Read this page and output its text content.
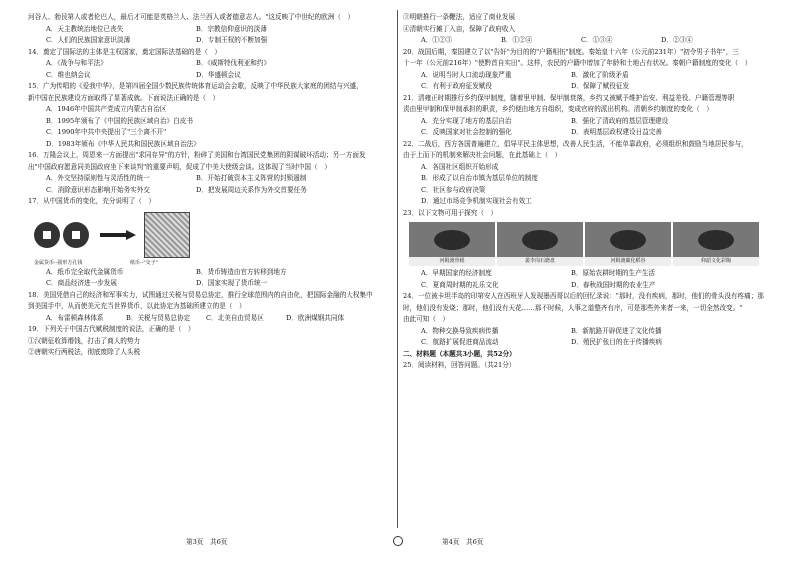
河谷人、勃艮第人或者伦巴人，最后才可能是英格兰人、法兰西人或者德意志人。"这反映了中世纪的欧洲（　）
A．天主教统治地位已丧失	B．宗教信仰意识的淡薄
C．人们的民族国家意识淡薄	D．专制王权的不断加强
14．奠定了国际法的主体是主权国家，奠定国际法基础的是（　）
A．《战争与和平法》	B．《威斯特伐利亚和约》
C．维也纳会议	D．华盛顿会议
15．广为传唱的《爱我中华》，是第四届全国少数民族传统体育运动会会歌，反映了中华民族大家庭的团结与兴盛，
新中国在民族建设方面取得了显著成就。下面说法正确的是（　）
A．1946年中国共产党成立内蒙古自治区
B．1995年颁布了《中国的民族区域自治》白皮书
C．1990年中共中央提出了"三个离不开"
D．1983年颁布《中华人民共和国民族区域自治法》
16．万隆会议上，周恩来一方面提出"求同存异"的方针，粉碎了美国和台湾国民党集团的阴谋破坏活动；另一方面发
出"中国政府愿意同美国政府坐下来谈判"的重要声明，促成了中美大使级会谈。这体现了当时中国（　）
A．外交坚持原则性与灵活性的统一	B．开始打破资本主义阵营的封锁遏制
C．消除意识形态影响开始务实外交	D．把发展周边关系作为外交首要任务
17．从中国货币的变化，充分说明了（　）
金属货币--圆形方孔钱	纸币--"交子"
A．纸币完全取代金属货币	B．货币铸造由官方转移到地方
C．商品经济进一步发展	D．国家实现了货币统一
18．美国凭借自己的经济和军事实力，试图通过关税与贸易总协定，推行全球范围内的自由化，把国际金融的大权集中
到美国手中，从而使美元充当世界货币，以此协定为基础所建立的是（　）
A．布雷顿森林体系	B．关税与贸易总协定	C．北美自由贸易区	D．欧洲煤钢共同体
19．下列关于中国古代赋税制度的说法，正确的是（　）
①汉朝征收算缗钱，打击了商人的势力
②唐朝实行两税法，彻底废除了人头税
③明朝推行一条鞭法，适应了商业发展
④清朝实行摊丁入亩，保障了政府收入
A．①②③	B．①②④	C．①③④	D．②③④
20．战国后期，秦国建立了以"告奸"为目的的"户籍相伍"制度。秦始皇十六年（公元前231年）"初令男子书年"，三
十一年（公元前216年）"使黔首自实田"。这样，农民的户籍中增加了年龄和土地占有状况。秦朝户籍制度的变化（　）
A．说明当时人口流动现象严重	B．激化了阶级矛盾
C．有利于政府征发赋役	D．保障了赋役征发
21．清雍正时期推行乡约保甲制度，随着里甲制、保甲制衰落，乡约又被赋予维护治安、利益差役、户籍管理等职
责由里甲制和保甲制承担的职责，乡约便由地方自组织，变成官府的派出机构。清朝乡约制度的变化（　）
A．充分实现了地方的基层自治	B．强化了清政府的基层管理建设
C．反映国家对社会控制的强化	D．表明基层政权建设日益完善
22．二战后，西方各国普遍建立，倡导平民主体思想，改善人民生活，不能单靠政府，必须组织和鼓励当地居民参与，
由于上而下的机制来解决社会问题，在此基础上（　）
A．各国社区组织开始形成
B．形成了以自治市镇为基层单位的制度
C．社区参与政府决策
D．通过市场竞争机制实现社会有效工
23．以下文物可用于探究（　）
河姆渡骨耜	裴李岗石磨盘	河姆渡碳化稻谷	仰韶文化彩陶
A．早期国家的经济制度	B．原始农耕时期的生产生活
C．夏商周时期的礼乐文化	D．春秋战国时期的农业生产
24．一位被卡坦半岛的印第安人在西班牙人发现墨西哥以后的回忆录说："那时，没有疾病，那时，他们的骨头没有疼痛；那
时，他们没有发烧；那时，他们没有天花……那不时候，人事之道整齐有序，可是那些外来者一来，一切全然改变。"
由此可知（　）
A．物种交换导致疾病传播	B．新航路开辟促进了文化传播
C．航路扩展促进商品流动	D．殖民扩张目的在于传播疾病
二、材料题（本题共3小题，共52分）
25．阅读材料，回答问题。（共21分）
第3页　共6页	第4页　共6页
